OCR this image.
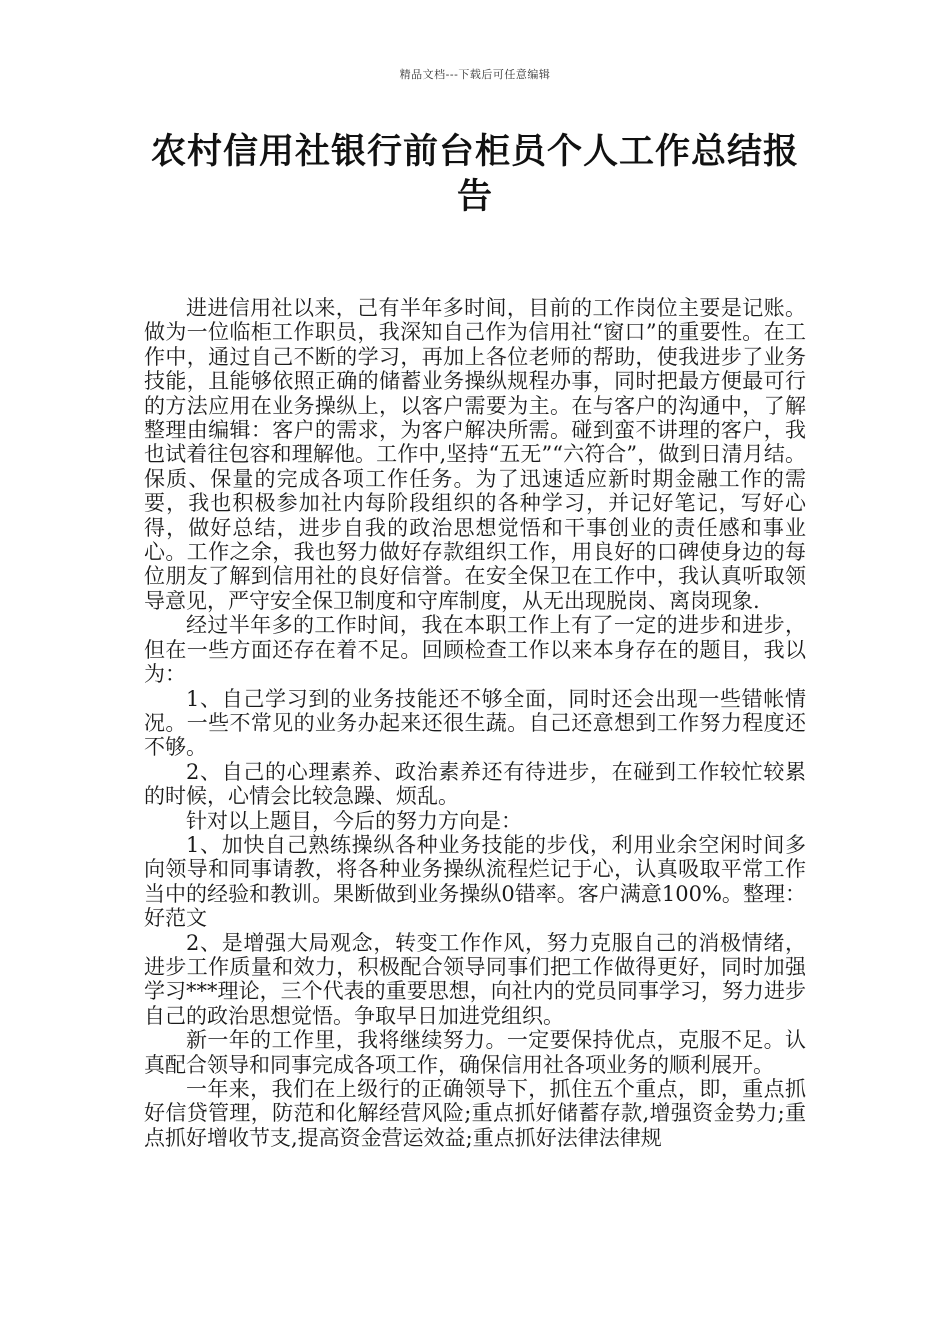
精品文档---下载后可任意编辑
农村信用社银行前台柜员个人工作总结报告

进进信用社以来，己有半年多时间，目前的工作岗位主要是记账。做为一位临柜工作职员，我深知自己作为信用社“窗口”的重要性。在工作中，通过自己不断的学习，再加上各位老师的帮助，使我进步了业务技能，且能够依照正确的储蓄业务操纵规程办事，同时把最方便最可行的方法应用在业务操纵上，以客户需要为主。在与客户的沟通中，了解整理由编辑：客户的需求，为客户解决所需。碰到蛮不讲理的客户，我也试着往包容和理解他。工作中,坚持“五无”“六符合”，做到日清月结。保质、保量的完成各项工作任务。为了迅速适应新时期金融工作的需要，我也积极参加社内每阶段组织的各种学习，并记好笔记，写好心得，做好总结，进步自我的政治思想觉悟和干事创业的责任感和事业心。工作之余，我也努力做好存款组织工作，用良好的口碑使身边的每位朋友了解到信用社的良好信誉。在安全保卫在工作中，我认真听取领导意见，严守安全保卫制度和守库制度，从无出现脱岗、离岗现象.

经过半年多的工作时间，我在本职工作上有了一定的进步和进步，但在一些方面还存在着不足。回顾检查工作以来本身存在的题目，我以为：

1、自己学习到的业务技能还不够全面，同时还会出现一些错帐情况。一些不常见的业务办起来还很生蔬。自己还意想到工作努力程度还不够。

2、自己的心理素养、政治素养还有待进步，在碰到工作较忙较累的时候，心情会比较急躁、烦乱。

针对以上题目，今后的努力方向是：

1、加快自己熟练操纵各种业务技能的步伐，利用业余空闲时间多向领导和同事请教，将各种业务操纵流程烂记于心，认真吸取平常工作当中的经验和教训。果断做到业务操纵0错率。客户满意100%。整理：好范文

2、是增强大局观念，转变工作作风，努力克服自己的消极情绪，进步工作质量和效力，积极配合领导同事们把工作做得更好，同时加强学习***理论，三个代表的重要思想，向社内的党员同事学习，努力进步自己的政治思想觉悟。争取早日加进党组织。

新一年的工作里，我将继续努力。一定要保持优点，克服不足。认真配合领导和同事完成各项工作，确保信用社各项业务的顺利展开。

一年来，我们在上级行的正确领导下，抓住五个重点，即，重点抓好信贷管理，防范和化解经营风险;重点抓好储蓄存款,增强资金势力;重点抓好增收节支,提高资金营运效益;重点抓好法律法律规
